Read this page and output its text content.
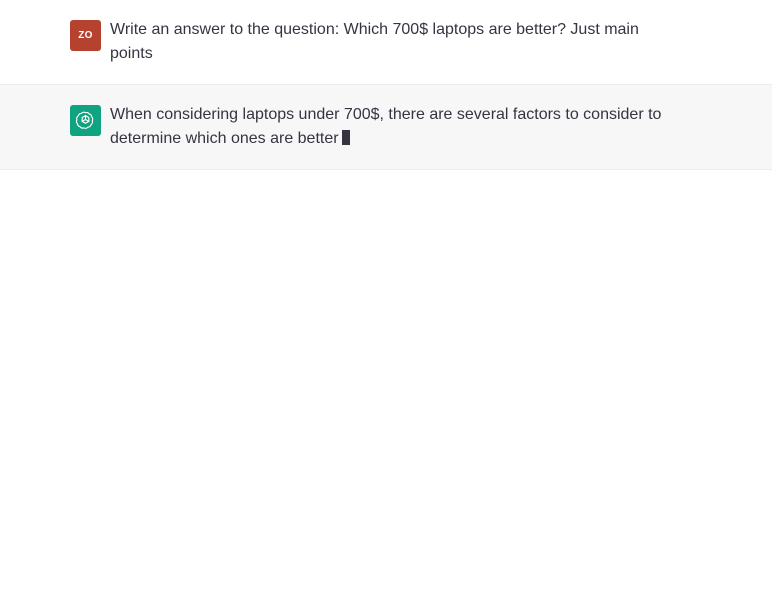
ZO Write an answer to the question: Which 700$ laptops are better? Just main points
When considering laptops under 700$, there are several factors to consider to determine which ones are better
